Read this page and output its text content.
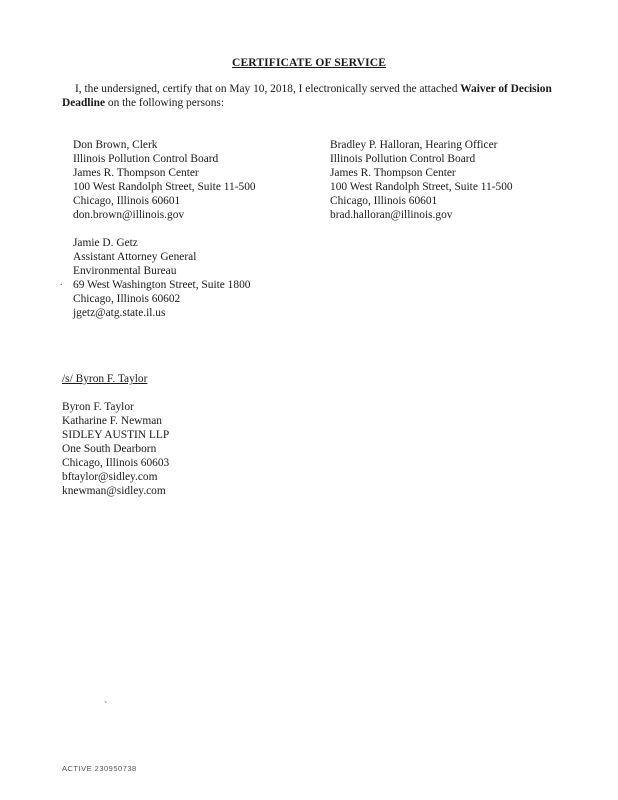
CERTIFICATE OF SERVICE
I, the undersigned, certify that on May 10, 2018, I electronically served the attached Waiver of Decision Deadline on the following persons:
Don Brown, Clerk
Illinois Pollution Control Board
James R. Thompson Center
100 West Randolph Street, Suite 11-500
Chicago, Illinois 60601
don.brown@illinois.gov
Bradley P. Halloran, Hearing Officer
Illinois Pollution Control Board
James R. Thompson Center
100 West Randolph Street, Suite 11-500
Chicago, Illinois 60601
brad.halloran@illinois.gov
.
Jamie D. Getz
Assistant Attorney General
Environmental Bureau
69 West Washington Street, Suite 1800
Chicago, Illinois 60602
jgetz@atg.state.il.us
/s/ Byron F. Taylor
Byron F. Taylor
Katharine F. Newman
SIDLEY AUSTIN LLP
One South Dearborn
Chicago, Illinois 60603
bftaylor@sidley.com
knewman@sidley.com
`
ACTIVE 230950738
